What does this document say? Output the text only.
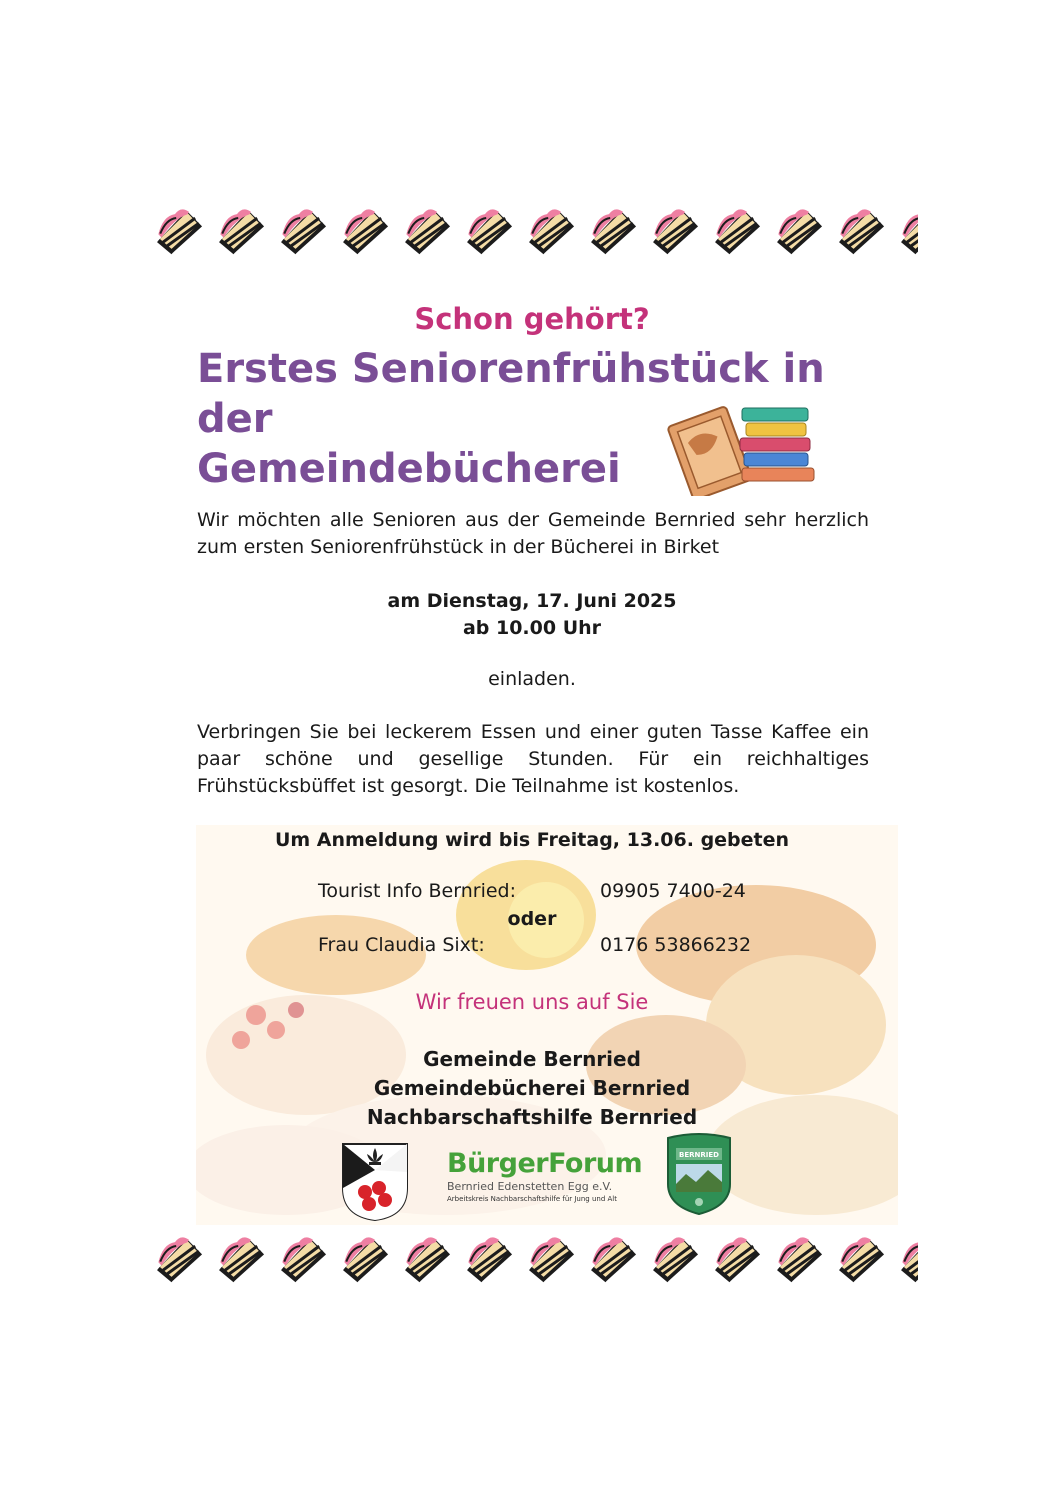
Schon gehört?
Erstes Seniorenfrühstück in der
Gemeindebücherei
Wir möchten alle Senioren aus der Gemeinde Bernried sehr herzlich zum ersten Seniorenfrühstück in der Bücherei in Birket
am Dienstag, 17. Juni 2025
ab 10.00 Uhr
einladen.
Verbringen Sie bei leckerem Essen und einer guten Tasse Kaffee ein paar schöne und gesellige Stunden. Für ein reichhaltiges Frühstücksbüffet ist gesorgt. Die Teilnahme ist kostenlos.
Um Anmeldung wird bis Freitag, 13.06. gebeten
Tourist Info Bernried:	09905 7400-24
oder
Frau Claudia Sixt:	0176 53866232
Wir freuen uns auf Sie
Gemeinde Bernried
Gemeindebücherei Bernried
Nachbarschaftshilfe Bernried
BürgerForum
Bernried Edenstetten Egg e.V.
Arbeitskreis Nachbarschaftshilfe für Jung und Alt
BERNRIED
